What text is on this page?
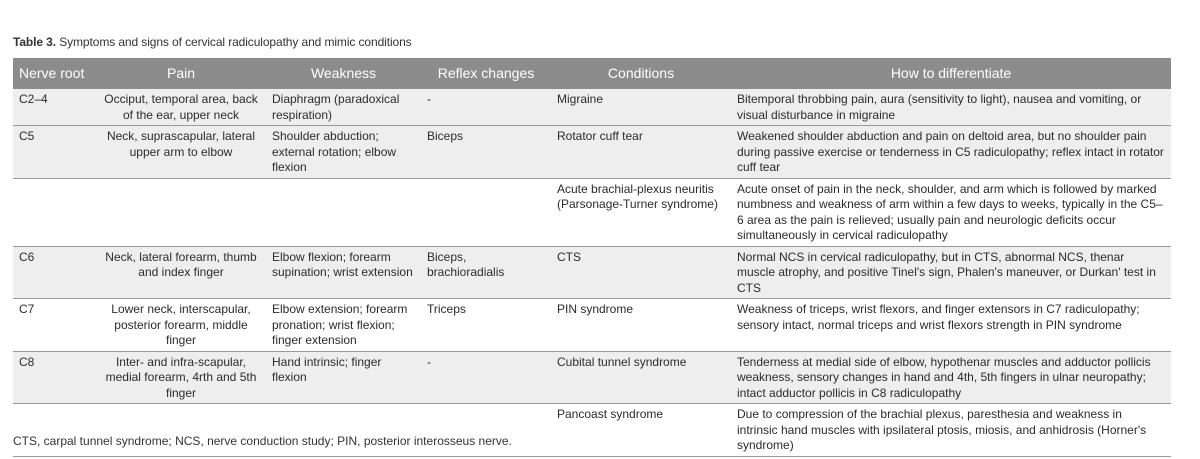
Table 3. Symptoms and signs of cervical radiculopathy and mimic conditions
Nerve root	Pain	Weakness	Reflex changes	Conditions	How to differentiate
C2–4	Occiput, temporal area, back of the ear, upper neck	Diaphragm (paradoxical respiration)	-	Migraine	Bitemporal throbbing pain, aura (sensitivity to light), nausea and vomiting, or visual disturbance in migraine
C5	Neck, suprascapular, lateral upper arm to elbow	Shoulder abduction; external rotation; elbow flexion	Biceps	Rotator cuff tear	Weakened shoulder abduction and pain on deltoid area, but no shoulder pain during passive exercise or tenderness in C5 radiculopathy; reflex intact in rotator cuff tear
				Acute brachial-plexus neuritis (Parsonage-Turner syndrome)	Acute onset of pain in the neck, shoulder, and arm which is followed by marked numbness and weakness of arm within a few days to weeks, typically in the C5–6 area as the pain is relieved; usually pain and neurologic deficits occur simultaneously in cervical radiculopathy
C6	Neck, lateral forearm, thumb and index finger	Elbow flexion; forearm supination; wrist extension	Biceps, brachioradialis	CTS	Normal NCS in cervical radiculopathy, but in CTS, abnormal NCS, thenar muscle atrophy, and positive Tinel's sign, Phalen's maneuver, or Durkan' test in CTS
C7	Lower neck, interscapular, posterior forearm, middle finger	Elbow extension; forearm pronation; wrist flexion; finger extension	Triceps	PIN syndrome	Weakness of triceps, wrist flexors, and finger extensors in C7 radiculopathy; sensory intact, normal triceps and wrist flexors strength in PIN syndrome
C8	Inter- and infra-scapular, medial forearm, 4rth and 5th finger	Hand intrinsic; finger flexion	-	Cubital tunnel syndrome	Tenderness at medial side of elbow, hypothenar muscles and adductor pollicis weakness, sensory changes in hand and 4th, 5th fingers in ulnar neuropathy; intact adductor pollicis in C8 radiculopathy
				Pancoast syndrome	Due to compression of the brachial plexus, paresthesia and weakness in intrinsic hand muscles with ipsilateral ptosis, miosis, and anhidrosis (Horner's syndrome)
CTS, carpal tunnel syndrome; NCS, nerve conduction study; PIN, posterior interosseus nerve.
